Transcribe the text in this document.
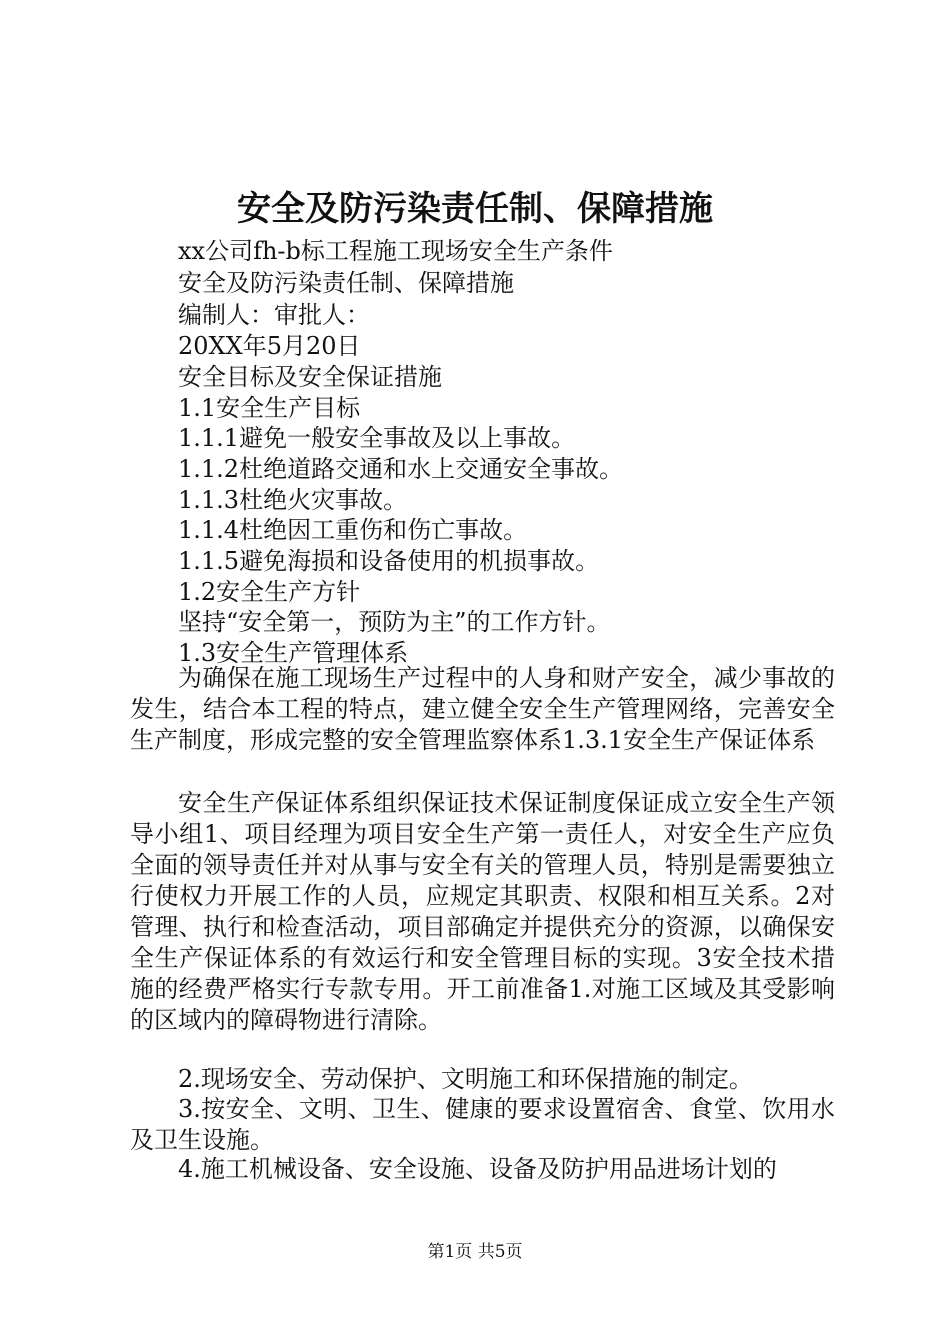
安全及防污染责任制、保障措施
xx公司fh-b标工程施工现场安全生产条件
安全及防污染责任制、保障措施
编制人：审批人：
20XX年5月20日
安全目标及安全保证措施
1.1安全生产目标
1.1.1避免一般安全事故及以上事故。
1.1.2杜绝道路交通和水上交通安全事故。
1.1.3杜绝火灾事故。
1.1.4杜绝因工重伤和伤亡事故。
1.1.5避免海损和设备使用的机损事故。
1.2安全生产方针
坚持“安全第一，预防为主”的工作方针。
1.3安全生产管理体系

为确保在施工现场生产过程中的人身和财产安全，减少事故的发生，结合本工程的特点，建立健全安全生产管理网络，完善安全生产制度，形成完整的安全管理监察体系1.3.1安全生产保证体系

安全生产保证体系组织保证技术保证制度保证成立安全生产领导小组1、项目经理为项目安全生产第一责任人，对安全生产应负全面的领导责任并对从事与安全有关的管理人员，特别是需要独立行使权力开展工作的人员，应规定其职责、权限和相互关系。2对管理、执行和检查活动，项目部确定并提供充分的资源，以确保安全生产保证体系的有效运行和安全管理目标的实现。3安全技术措施的经费严格实行专款专用。开工前准备1.对施工区域及其受影响的区域内的障碍物进行清除。

2.现场安全、劳动保护、文明施工和环保措施的制定。

3.按安全、文明、卫生、健康的要求设置宿舍、食堂、饮用水及卫生设施。

4.施工机械设备、安全设施、设备及防护用品进场计划的

第1页 共5页
